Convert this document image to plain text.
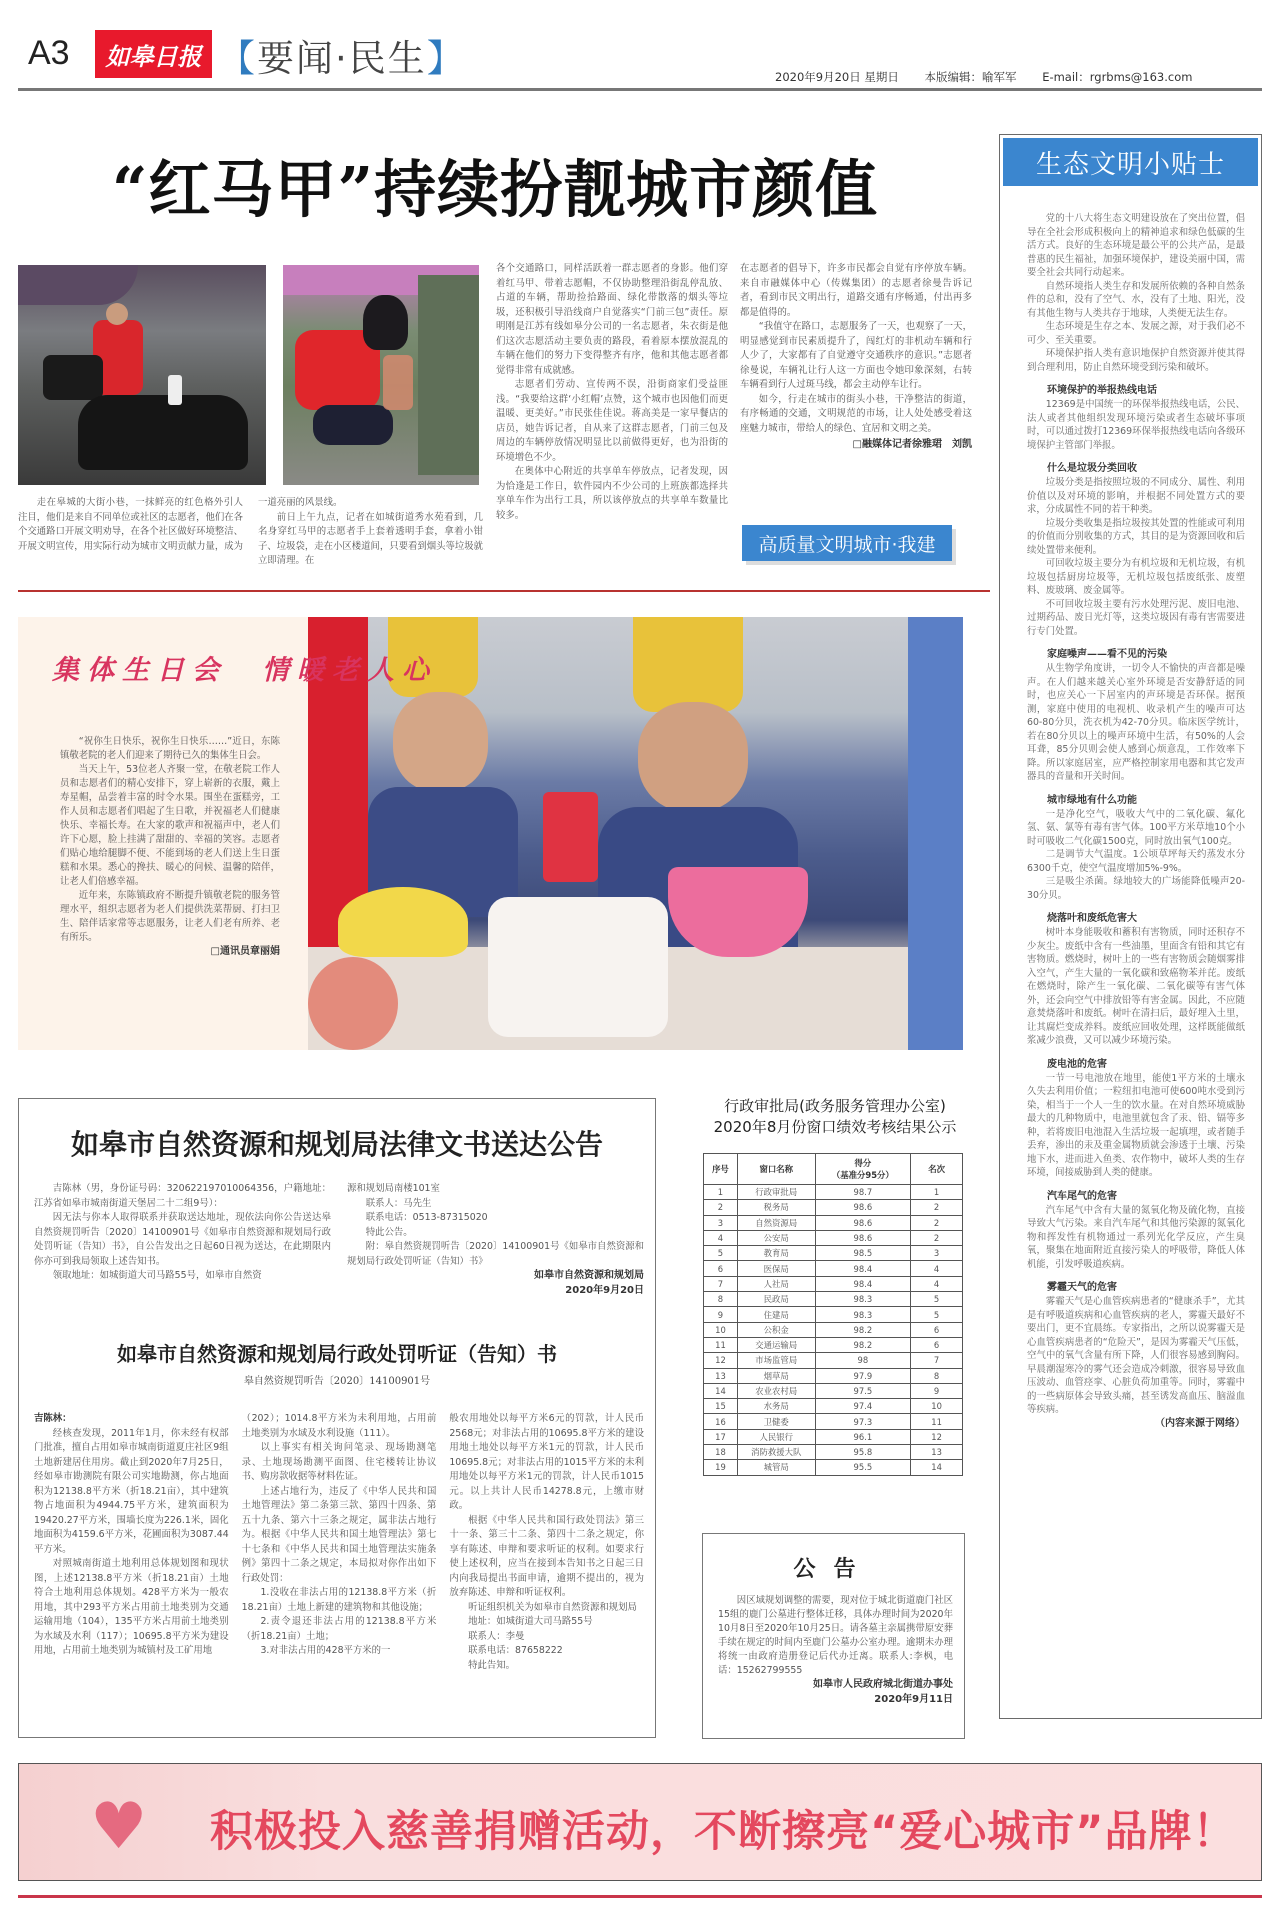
A3	如皋日报 【要闻·民生】	2020年9月20日 星期日 本版编辑：喻军军 E-mail：rgrbms@163.com
“红马甲”持续扮靓城市颜值

走在皋城的大街小巷，一抹鲜亮的红色格外引人注目，他们是来自不同单位或社区的志愿者，他们在各个交通路口开展文明劝导，在各个社区做好环境整洁、开展文明宣传，用实际行动为城市文明贡献力量，成为

一道亮丽的风景线。

前日上午九点，记者在如城街道秀水苑看到，几名身穿红马甲的志愿者手上套着透明手套，拿着小钳子、垃圾袋，走在小区楼道间，只要看到烟头等垃圾就立即清理。在

各个交通路口，同样活跃着一群志愿者的身影。他们穿着红马甲、带着志愿帽，不仅协助整理沿街乱停乱放、占道的车辆，帮助捡拾路面、绿化带散落的烟头等垃圾，还积极引导沿线商户自觉落实“门前三包”责任。原明刚是江苏有线如皋分公司的一名志愿者，朱衣街是他们这次志愿活动主要负责的路段，看着原本摆放混乱的车辆在他们的努力下变得整齐有序，他和其他志愿者都觉得非常有成就感。

志愿者们劳动、宣传两不误，沿街商家们受益匪浅。“我要给这群‘小红帽’点赞，这个城市也因他们而更温暖、更美好。”市民张佳佳说。蒋高美是一家早餐店的店员，她告诉记者，自从来了这群志愿者，门前三包及周边的车辆停放情况明显比以前做得更好，也为沿街的环境增色不少。

在奥体中心附近的共享单车停放点，记者发现，因为恰逢是工作日，软件园内不少公司的上班族都选择共享单车作为出行工具，所以该停放点的共享单车数量比较多。

在志愿者的倡导下，许多市民都会自觉有序停放车辆。来自市融媒体中心（传媒集团）的志愿者徐曼告诉记者，看到市民文明出行，道路交通有序畅通，付出再多都是值得的。

“我值守在路口，志愿服务了一天，也观察了一天，明显感觉到市民素质提升了，闯红灯的非机动车辆和行人少了，大家都有了自觉遵守交通秩序的意识。”志愿者徐曼说，车辆礼让行人这一方面也令她印象深刻，右转车辆看到行人过斑马线，都会主动停车让行。

如今，行走在城市的街头小巷，干净整洁的街道，有序畅通的交通，文明规范的市场，让人处处感受着这座魅力城市，带给人的绿色、宜居和文明之美。

□融媒体记者徐雅珺　刘凯
高质量文明城市·我建
集体生日会　情暖老人心

“祝你生日快乐，祝你生日快乐……”近日，东陈镇敬老院的老人们迎来了期待已久的集体生日会。

当天上午，53位老人齐聚一堂，在敬老院工作人员和志愿者们的精心安排下，穿上崭新的衣服，戴上寿星帽，品尝着丰富的时令水果。围坐在蛋糕旁，工作人员和志愿者们唱起了生日歌，并祝福老人们健康快乐、幸福长寿。在大家的歌声和祝福声中，老人们许下心愿，脸上挂满了甜甜的、幸福的笑容。志愿者们贴心地给腿脚不便、不能到场的老人们送上生日蛋糕和水果。悉心的搀扶、暖心的问候、温馨的陪伴，让老人们倍感幸福。

近年来，东陈镇政府不断提升镇敬老院的服务管理水平，组织志愿者为老人们提供洗菜帮厨、打扫卫生、陪伴话家常等志愿服务，让老人们老有所养、老有所乐。

□通讯员章丽娟
如皋市自然资源和规划局法律文书送达公告

吉陈林（男，身份证号码：320622197010064356，户籍地址：江苏省如皋市城南街道天堡居二十二组9号）：

因无法与你本人取得联系并获取送达地址，现依法向你公告送达皋自然资规罚听告〔2020〕14100901号《如皋市自然资源和规划局行政处罚听证（告知）书》，自公告发出之日起60日视为送达，在此期限内你亦可到我局领取上述告知书。

领取地址：如城街道大司马路55号，如皋市自然资

源和规划局南楼101室

联系人：马先生

联系电话：0513-87315020

特此公告。

附：皋自然资规罚听告〔2020〕14100901号《如皋市自然资源和规划局行政处罚听证（告知）书》

如皋市自然资源和规划局
2020年9月20日
如皋市自然资源和规划局行政处罚听证（告知）书
皋自然资规罚听告〔2020〕14100901号

吉陈林：

经核查发现，2011年1月，你未经有权部门批准，擅自占用如皋市城南街道夏庄社区9组土地新建居住用房。截止到2020年7月25日，经如皋市勘测院有限公司实地勘测，你占地面积为12138.8平方米（折18.21亩），其中建筑物占地面积为4944.75平方米，建筑面积为19420.27平方米，围墙长度为226.1米，固化地面积为4159.6平方米，花圃面积为3087.44平方米。

对照城南街道土地利用总体规划图和现状图，上述12138.8平方米（折18.21亩）土地符合土地利用总体规划。428平方米为一般农用地，其中293平方米占用前土地类别为交通运输用地（104），135平方米占用前土地类别为水域及水利（117）；10695.8平方米为建设用地，占用前土地类别为城镇村及工矿用地

（202）；1014.8平方米为未利用地，占用前土地类别为水域及水利设施（111）。

以上事实有相关询问笔录、现场勘测笔录、土地现场勘测平面图、住宅楼转让协议书、购房款收据等材料佐证。

上述占地行为，违反了《中华人民共和国土地管理法》第二条第三款、第四十四条、第五十九条、第六十三条之规定，属非法占地行为。根据《中华人民共和国土地管理法》第七十七条和《中华人民共和国土地管理法实施条例》第四十二条之规定，本局拟对你作出如下行政处罚：

1.没收在非法占用的12138.8平方米（折18.21亩）土地上新建的建筑物和其他设施；

2.责令退还非法占用的12138.8平方米（折18.21亩）土地；

3.对非法占用的428平方米的一

般农用地处以每平方米6元的罚款，计人民币2568元；对非法占用的10695.8平方米的建设用地土地处以每平方米1元的罚款，计人民币10695.8元；对非法占用的1015平方米的未利用地处以每平方米1元的罚款，计人民币1015元。以上共计人民币14278.8元，上缴市财政。

根据《中华人民共和国行政处罚法》第三十一条、第三十二条、第四十二条之规定，你享有陈述、申辩和要求听证的权利。如要求行使上述权利，应当在接到本告知书之日起三日内向我局提出书面申请，逾期不提出的，视为放弃陈述、申辩和听证权利。

听证组织机关为如皋市自然资源和规划局

地址：如城街道大司马路55号

联系人：李曼

联系电话：87658222

特此告知。

行政审批局(政务服务管理办公室)
2020年8月份窗口绩效考核结果公示
序号	窗口名称	得分
（基准分95分）	名次
1	行政审批局	98.7	1
2	税务局	98.6	2
3	自然资源局	98.6	2
4	公安局	98.6	2
5	教育局	98.5	3
6	医保局	98.4	4
7	人社局	98.4	4
8	民政局	98.3	5
9	住建局	98.3	5
10	公积金	98.2	6
11	交通运输局	98.2	6
12	市场监管局	98	7
13	烟草局	97.9	8
14	农业农村局	97.5	9
15	水务局	97.4	10
16	卫健委	97.3	11
17	人民银行	96.1	12
18	消防救援大队	95.8	13
19	城管局	95.5	14
公告

因区域规划调整的需要，现对位于城北街道鹿门社区15组的鹿门公墓进行整体迁移，具体办理时间为2020年10月8日至2020年10月25日。请各墓主亲属携带原安葬手续在规定的时间内至鹿门公墓办公室办理。逾期未办理将统一由政府造册登记后代办迁离。联系人:李枫，电话：15262799555

如皋市人民政府城北街道办事处
2020年9月11日
生态文明小贴士

党的十八大将生态文明建设放在了突出位置，倡导在全社会形成积极向上的精神追求和绿色低碳的生活方式。良好的生态环境是最公平的公共产品，是最普惠的民生福祉，加强环境保护，建设美丽中国，需要全社会共同行动起来。

自然环境指人类生存和发展所依赖的各种自然条件的总和，没有了空气、水，没有了土地、阳光，没有其他生物与人类共存于地球，人类便无法生存。

生态环境是生存之本、发展之源，对于我们必不可少、至关重要。

环境保护指人类有意识地保护自然资源并使其得到合理利用，防止自然环境受到污染和破坏。

环境保护的举报热线电话

12369是中国统一的环保举报热线电话，公民、法人或者其他组织发现环境污染或者生态破坏事项时，可以通过拨打12369环保举报热线电话向各级环境保护主管部门举报。

什么是垃圾分类回收

垃圾分类是指按照垃圾的不同成分、属性、利用价值以及对环境的影响，并根据不同处置方式的要求，分成属性不同的若干种类。

垃圾分类收集是指垃圾按其处置的性能或可利用的价值而分别收集的方式，其目的是为资源回收和后续处置带来便利。

可回收垃圾主要分为有机垃圾和无机垃圾，有机垃圾包括厨房垃圾等，无机垃圾包括废纸张、废塑料、废玻璃、废金属等。

不可回收垃圾主要有污水处理污泥、废旧电池、过期药品、废日光灯等，这类垃圾因有毒有害需要进行专门处置。

家庭噪声——看不见的污染

从生物学角度讲，一切令人不愉快的声音都是噪声。在人们越来越关心室外环境是否安静舒适的同时，也应关心一下居室内的声环境是否环保。据预测，家庭中使用的电视机、收录机产生的噪声可达60-80分贝，洗衣机为42-70分贝。临床医学统计，若在80分贝以上的噪声环境中生活，有50%的人会耳聋，85分贝则会使人感到心烦意乱，工作效率下降。所以家庭居室，应严格控制家用电器和其它发声器具的音量和开关时间。

城市绿地有什么功能

一是净化空气，吸收大气中的二氧化碳、氟化氢、氨、氯等有毒有害气体。100平方米草地10个小时可吸收二气化碳1500克，同时放出氧气100克。

二是调节大气温度。1公顷草坪每天约蒸发水分6300千克，使空气温度增加5%-9%。

三是吸尘杀菌。绿地较大的广场能降低噪声20-30分贝。

烧落叶和废纸危害大

树叶本身能吸收和蓄积有害物质，同时还积存不少灰尘。废纸中含有一些油墨，里面含有铅和其它有害物质。燃烧时，树叶上的一些有害物质会随烟雾排入空气，产生大量的一氧化碳和致癌物苯并芘。废纸在燃烧时，除产生一氧化碳、二氧化碳等有害气体外，还会向空气中排放铅等有害金属。因此，不应随意焚烧落叶和废纸。树叶在清扫后，最好埋入土里，让其腐烂变成养料。废纸应回收处理，这样既能做纸浆减少浪费，又可以减少环境污染。

废电池的危害

一节一号电池放在地里，能使1平方米的土壤永久失去利用价值；一粒纽扣电池可使600吨水受到污染，相当于一个人一生的饮水量。在对自然环境威胁最大的几种物质中，电池里就包含了汞、铅、镉等多种，若将废旧电池混入生活垃圾一起填埋，或者随手丢弃，渗出的汞及重金属物质就会渗透于土壤、污染地下水，进而进入鱼类、农作物中，破坏人类的生存环境，间接威胁到人类的健康。

汽车尾气的危害

汽车尾气中含有大量的氮氧化物及硫化物，直接导致大气污染。来自汽车尾气和其他污染源的氮氧化物和挥发性有机物通过一系列光化学反应，产生臭氧，聚集在地面附近直接污染人的呼吸带，降低人体机能，引发呼吸道疾病。

雾霾天气的危害

雾霾天气是心血管疾病患者的“健康杀手”，尤其是有呼吸道疾病和心血管疾病的老人，雾霾天最好不要出门，更不宜晨练。专家指出，之所以说雾霾天是心血管疾病患者的“危险天”，是因为雾霾天气压低，空气中的氧气含量有所下降，人们很容易感到胸闷。早晨潮湿寒冷的雾气还会造成冷刺激，很容易导致血压波动、血管痉挛、心脏负荷加重等。同时，雾霾中的一些病原体会导致头痛，甚至诱发高血压、脑溢血等疾病。

（内容来源于网络）
♥ 积极投入慈善捐赠活动，不断擦亮“爱心城市”品牌！
